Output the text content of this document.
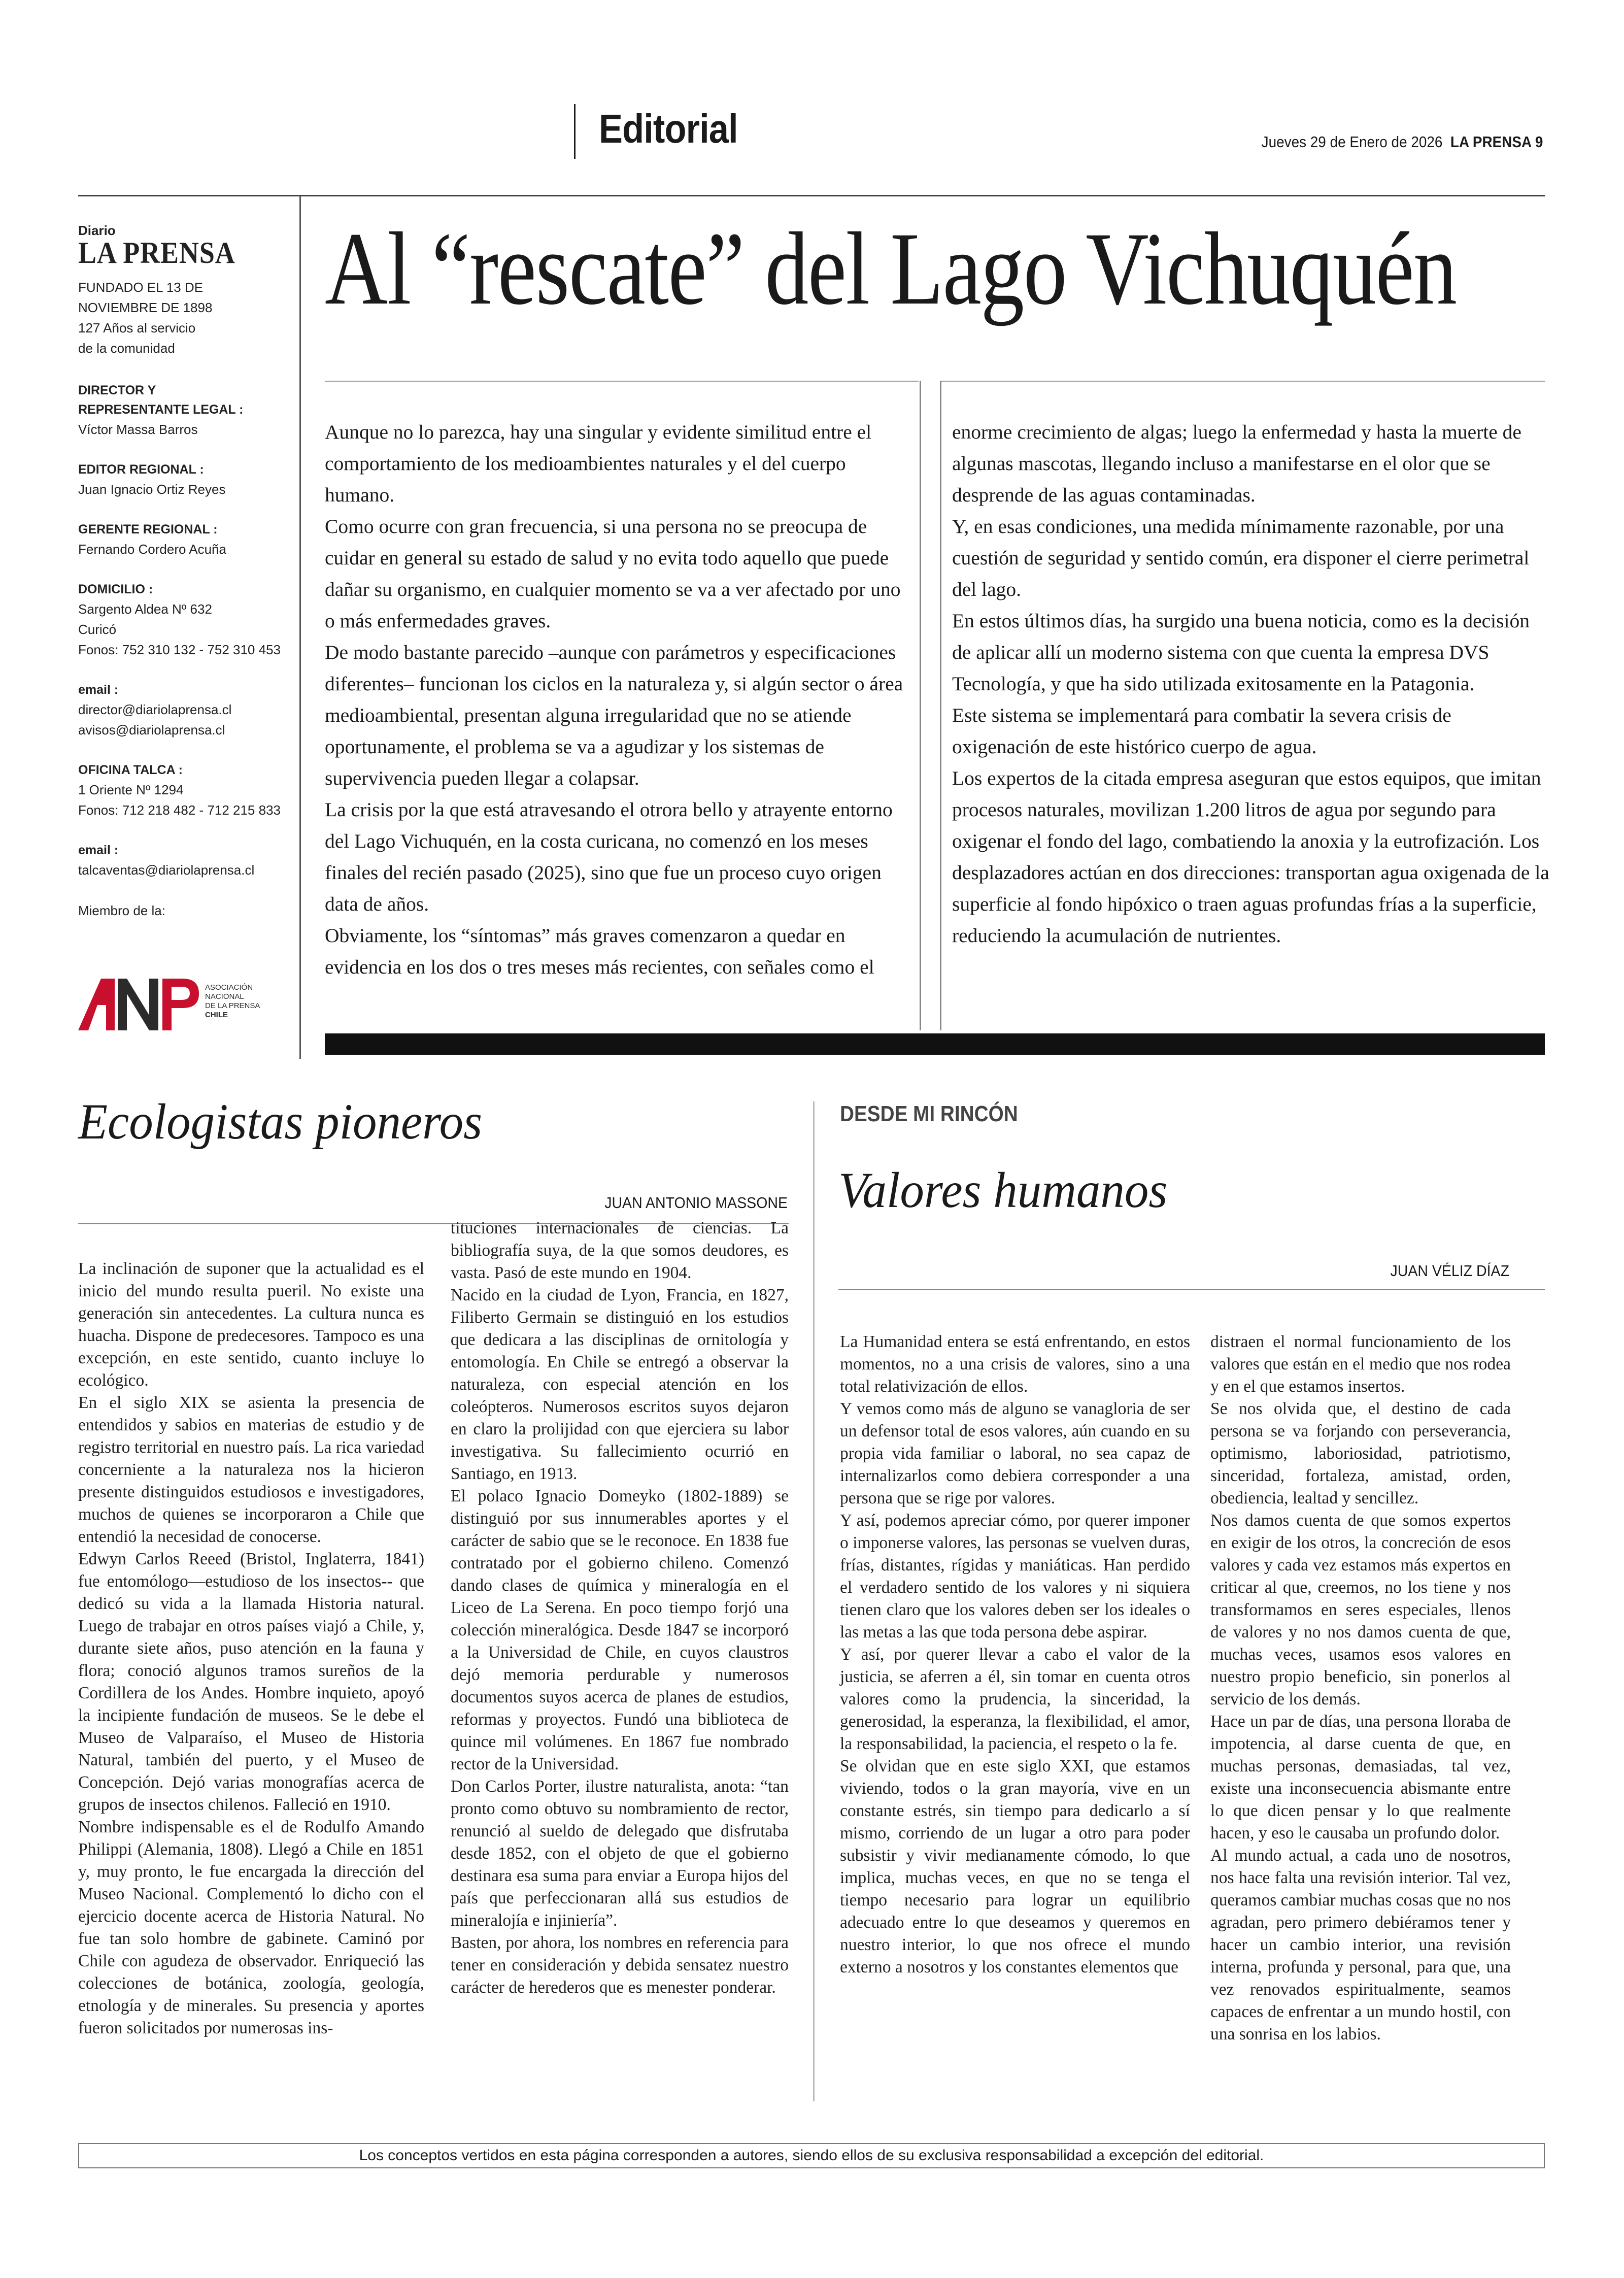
Editorial	Jueves 29 de Enero de 2026 LA PRENSA 9
Diario
LA PRENSA
FUNDADO EL 13 DE
NOVIEMBRE DE 1898
127 Años al servicio
de la comunidad
DIRECTOR Y
REPRESENTANTE LEGAL :
Víctor Massa Barros
EDITOR REGIONAL :
Juan Ignacio Ortiz Reyes
GERENTE REGIONAL :
Fernando Cordero Acuña
DOMICILIO :
Sargento Aldea Nº 632
Curicó
Fonos: 752 310 132 - 752 310 453
email :
director@diariolaprensa.cl
avisos@diariolaprensa.cl
OFICINA TALCA :
1 Oriente Nº 1294
Fonos: 712 218 482 - 712 215 833
email :
talcaventas@diariolaprensa.cl
Miembro de la:
ASOCIACIÓN
NACIONAL
DE LA PRENSA
CHILE
Al “rescate” del Lago Vichuquén

Aunque no lo parezca, hay una singular y evidente similitud entre el comportamiento de los medioambientes naturales y el del cuerpo humano.

Como ocurre con gran frecuencia, si una persona no se preocupa de cuidar en general su estado de salud y no evita todo aquello que puede dañar su organismo, en cualquier momento se va a ver afectado por uno o más enfermedades graves.

De modo bastante parecido –aunque con parámetros y especificaciones diferentes– funcionan los ciclos en la naturaleza y, si algún sector o área medioambiental, presentan alguna irregularidad que no se atiende oportunamente, el problema se va a agudizar y los sistemas de supervivencia pueden llegar a colapsar.

La crisis por la que está atravesando el otrora bello y atrayente entorno del Lago Vichuquén, en la costa curicana, no comenzó en los meses finales del recién pasado (2025), sino que fue un proceso cuyo origen data de años.

Obviamente, los “síntomas” más graves comenzaron a quedar en evidencia en los dos o tres meses más recientes, con señales como el

enorme crecimiento de algas; luego la enfermedad y hasta la muerte de algunas mascotas, llegando incluso a manifestarse en el olor que se desprende de las aguas contaminadas.

Y, en esas condiciones, una medida mínimamente razonable, por una cuestión de seguridad y sentido común, era disponer el cierre perimetral del lago.

En estos últimos días, ha surgido una buena noticia, como es la decisión de aplicar allí un moderno sistema con que cuenta la empresa DVS Tecnología, y que ha sido utilizada exitosamente en la Patagonia.

Este sistema se implementará para combatir la severa crisis de oxigenación de este histórico cuerpo de agua.

Los expertos de la citada empresa aseguran que estos equipos, que imitan procesos naturales, movilizan 1.200 litros de agua por segundo para oxigenar el fondo del lago, combatiendo la anoxia y la eutrofización. Los desplazadores actúan en dos direcciones: transportan agua oxigenada de la superficie al fondo hipóxico o traen aguas profundas frías a la superficie, reduciendo la acumulación de nutrientes.

Ecologistas pioneros
JUAN ANTONIO MASSONE

La inclinación de suponer que la actualidad es el inicio del mundo resulta pueril. No existe una generación sin antecedentes. La cultura nunca es huacha. Dispone de predecesores. Tampoco es una excepción, en este sentido, cuanto incluye lo ecológico.

En el siglo XIX se asienta la presencia de entendidos y sabios en materias de estudio y de registro territorial en nuestro país. La rica variedad concerniente a la naturaleza nos la hicieron presente distinguidos estudiosos e investigadores, muchos de quienes se incorporaron a Chile que entendió la necesidad de conocerse.

Edwyn Carlos Reeed (Bristol, Inglaterra, 1841) fue entomólogo—estudioso de los insectos-- que dedicó su vida a la llamada Historia natural. Luego de trabajar en otros países viajó a Chile, y, durante siete años, puso atención en la fauna y flora; conoció algunos tramos sureños de la Cordillera de los Andes. Hombre inquieto, apoyó la incipiente fundación de museos. Se le debe el Museo de Valparaíso, el Museo de Historia Natural, también del puerto, y el Museo de Concepción. Dejó varias monografías acerca de grupos de insectos chilenos. Falleció en 1910.

Nombre indispensable es el de Rodulfo Amando Philippi (Alemania, 1808). Llegó a Chile en 1851 y, muy pronto, le fue encargada la dirección del Museo Nacional. Complementó lo dicho con el ejercicio docente acerca de Historia Natural. No fue tan solo hombre de gabinete. Caminó por Chile con agudeza de observador. Enriqueció las colecciones de botánica, zoología, geología, etnología y de minerales. Su presencia y aportes fueron solicitados por numerosas ins-

tituciones internacionales de ciencias. La bibliografía suya, de la que somos deudores, es vasta. Pasó de este mundo en 1904.

Nacido en la ciudad de Lyon, Francia, en 1827, Filiberto Germain se distinguió en los estudios que dedicara a las disciplinas de ornitología y entomología. En Chile se entregó a observar la naturaleza, con especial atención en los coleópteros. Numerosos escritos suyos dejaron en claro la prolijidad con que ejerciera su labor investigativa. Su fallecimiento ocurrió en Santiago, en 1913.

El polaco Ignacio Domeyko (1802-1889) se distinguió por sus innumerables aportes y el carácter de sabio que se le reconoce. En 1838 fue contratado por el gobierno chileno. Comenzó dando clases de química y mineralogía en el Liceo de La Serena. En poco tiempo forjó una colección mineralógica. Desde 1847 se incorporó a la Universidad de Chile, en cuyos claustros dejó memoria perdurable y numerosos documentos suyos acerca de planes de estudios, reformas y proyectos. Fundó una biblioteca de quince mil volúmenes. En 1867 fue nombrado rector de la Universidad.

Don Carlos Porter, ilustre naturalista, anota: “tan pronto como obtuvo su nombramiento de rector, renunció al sueldo de delegado que disfrutaba desde 1852, con el objeto de que el gobierno destinara esa suma para enviar a Europa hijos del país que perfeccionaran allá sus estudios de mineralojía e injiniería”.

Basten, por ahora, los nombres en referencia para tener en consideración y debida sensatez nuestro carácter de herederos que es menester ponderar.

DESDE MI RINCÓN
Valores humanos
JUAN VÉLIZ DÍAZ

La Humanidad entera se está enfrentando, en estos momentos, no a una crisis de valores, sino a una total relativización de ellos.

Y vemos como más de alguno se vanagloria de ser un defensor total de esos valores, aún cuando en su propia vida familiar o laboral, no sea capaz de internalizarlos como debiera corresponder a una persona que se rige por valores.

Y así, podemos apreciar cómo, por querer imponer o imponerse valores, las personas se vuelven duras, frías, distantes, rígidas y maniáticas. Han perdido el verdadero sentido de los valores y ni siquiera tienen claro que los valores deben ser los ideales o las metas a las que toda persona debe aspirar.

Y así, por querer llevar a cabo el valor de la justicia, se aferren a él, sin tomar en cuenta otros valores como la prudencia, la sinceridad, la generosidad, la esperanza, la flexibilidad, el amor, la responsabilidad, la paciencia, el respeto o la fe.

Se olvidan que en este siglo XXI, que estamos viviendo, todos o la gran mayoría, vive en un constante estrés, sin tiempo para dedicarlo a sí mismo, corriendo de un lugar a otro para poder subsistir y vivir medianamente cómodo, lo que implica, muchas veces, en que no se tenga el tiempo necesario para lograr un equilibrio adecuado entre lo que deseamos y queremos en nuestro interior, lo que nos ofrece el mundo externo a nosotros y los constantes elementos que

distraen el normal funcionamiento de los valores que están en el medio que nos rodea y en el que estamos insertos.

Se nos olvida que, el destino de cada persona se va forjando con perseverancia, optimismo, laboriosidad, patriotismo, sinceridad, fortaleza, amistad, orden, obediencia, lealtad y sencillez.

Nos damos cuenta de que somos expertos en exigir de los otros, la concreción de esos valores y cada vez estamos más expertos en criticar al que, creemos, no los tiene y nos transformamos en seres especiales, llenos de valores y no nos damos cuenta de que, muchas veces, usamos esos valores en nuestro propio beneficio, sin ponerlos al servicio de los demás.

Hace un par de días, una persona lloraba de impotencia, al darse cuenta de que, en muchas personas, demasiadas, tal vez, existe una inconsecuencia abismante entre lo que dicen pensar y lo que realmente hacen, y eso le causaba un profundo dolor.

Al mundo actual, a cada uno de nosotros, nos hace falta una revisión interior. Tal vez, queramos cambiar muchas cosas que no nos agradan, pero primero debiéramos tener y hacer un cambio interior, una revisión interna, profunda y personal, para que, una vez renovados espiritualmente, seamos capaces de enfrentar a un mundo hostil, con una sonrisa en los labios.

Los conceptos vertidos en esta página corresponden a autores, siendo ellos de su exclusiva responsabilidad a excepción del editorial.
